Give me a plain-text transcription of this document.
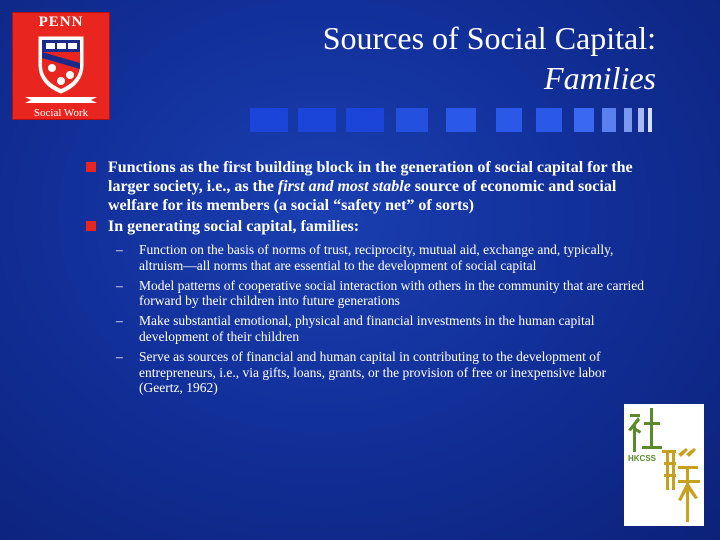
PENN
Social Work
Sources of Social Capital:
Families
Functions as the first building block in the generation of social capital for the larger society, i.e., as the first and most stable source of economic and social welfare for its members (a social “safety net” of sorts)
In generating social capital, families:
– Function on the basis of norms of trust, reciprocity, mutual aid, exchange and, typically, altruism—all norms that are essential to the development of social capital
– Model patterns of cooperative social interaction with others in the community that are carried forward by their children into future generations
– Make substantial emotional, physical and financial investments in the human capital development of their children
– Serve as sources of financial and human capital in contributing to the development of entrepreneurs, i.e., via gifts, loans, grants, or the provision of free or inexpensive labor (Geertz, 1962)
HKCSS
